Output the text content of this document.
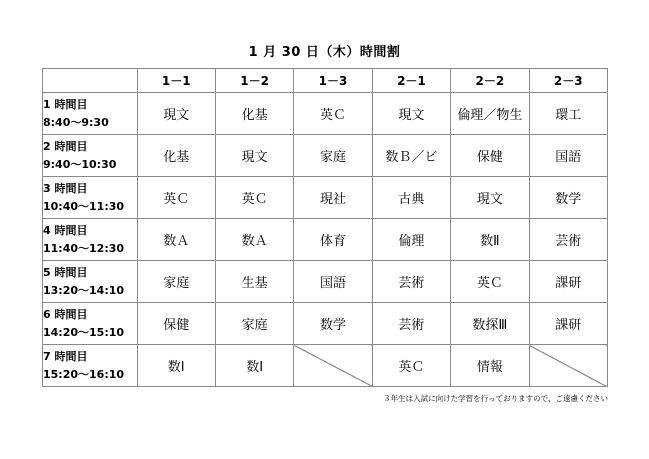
1 月 30 日（木）時間割
	1－1	1－2	1－3	2－1	2－2	2－3

1 時間目
8:40～9:30	現文	化基	英Ｃ	現文	倫理／物生	環工

2 時間目
9:40～10:30	化基	現文	家庭	数Ｂ／ビ	保健	国語

3 時間目
10:40～11:30	英Ｃ	英Ｃ	現社	古典	現文	数学

4 時間目
11:40～12:30	数Ａ	数Ａ	体育	倫理	数Ⅱ	芸術

5 時間目
13:20～14:10	家庭	生基	国語	芸術	英Ｃ	課研

6 時間目
14:20～15:10	保健	家庭	数学	芸術	数探Ⅲ	課研

7 時間目
15:20～16:10	数Ⅰ	数Ⅰ		英Ｃ	情報	
３年生は入試に向けた学習を行っておりますので、ご遠慮ください
